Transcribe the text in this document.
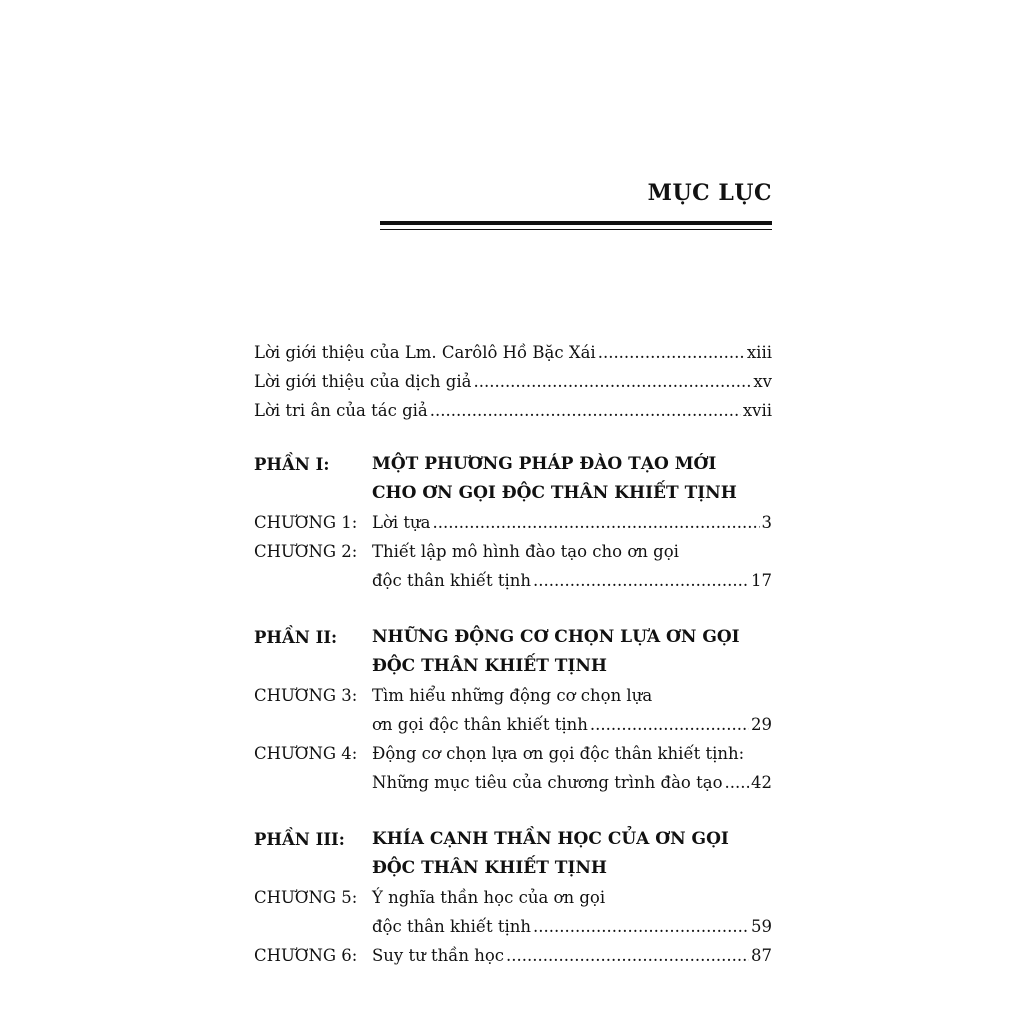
MỤC LỤC
Lời giới thiệu của Lm. Carôlô Hồ Bặc Xái .....	xiii
Lời giới thiệu của dịch giả .....	xv
Lời tri ân của tác giả .....	xvii
PHẦN I:	MỘT PHƯƠNG PHÁP ĐÀO TẠO MỚI
CHO ƠN GỌI ĐỘC THÂN KHIẾT TỊNH
CHƯƠNG 1: Lời tựa .....	3
CHƯƠNG 2: Thiết lập mô hình đào tạo cho ơn gọi
độc thân khiết tịnh .....	17
PHẦN II:	NHỮNG ĐỘNG CƠ CHỌN LỰA ƠN GỌI
ĐỘC THÂN KHIẾT TỊNH
CHƯƠNG 3: Tìm hiểu những động cơ chọn lựa
ơn gọi độc thân khiết tịnh .....	29
CHƯƠNG 4: Động cơ chọn lựa ơn gọi độc thân khiết tịnh:
Những mục tiêu của chương trình đào tạo ..... 42
PHẦN III:	KHÍA CẠNH THẦN HỌC CỦA ƠN GỌI
ĐỘC THÂN KHIẾT TỊNH
CHƯƠNG 5: Ý nghĩa thần học của ơn gọi
độc thân khiết tịnh .....	59
CHƯƠNG 6: Suy tư thần học .....	87
